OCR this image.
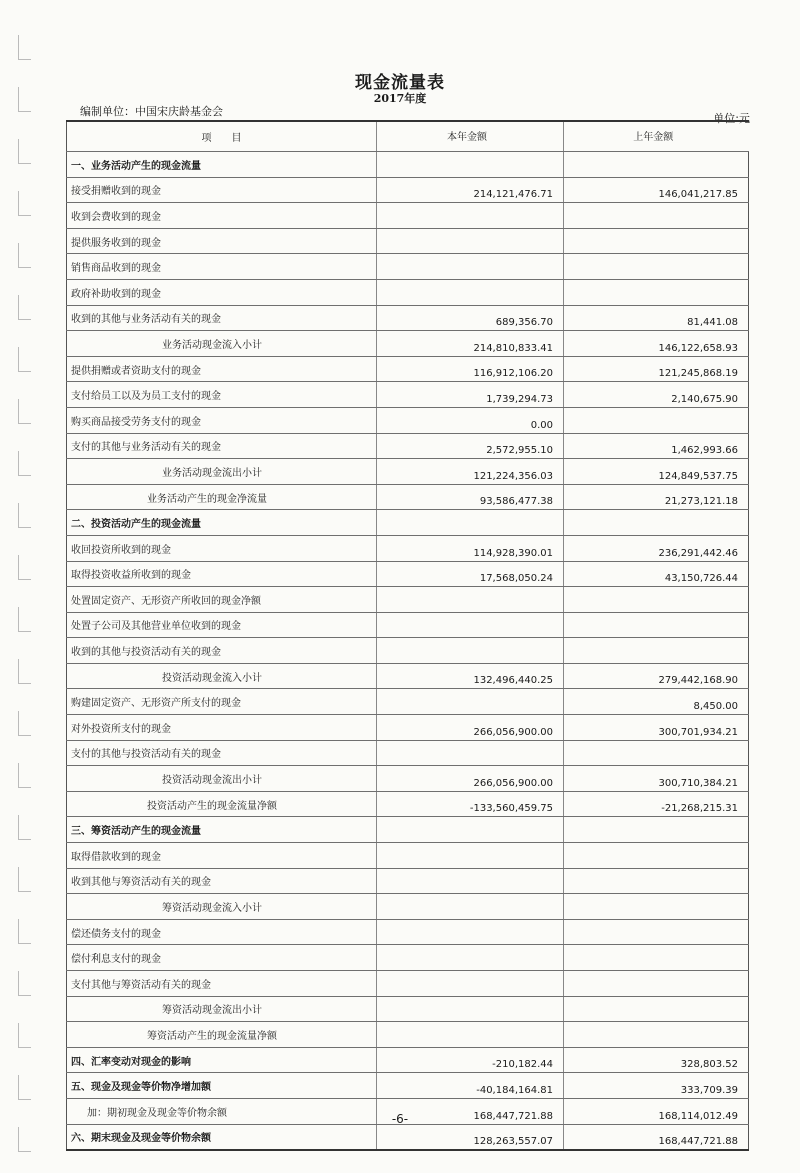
现金流量表
2017年度
编制单位：中国宋庆龄基金会
单位:元
项　　目	本年金额	上年金额
一、业务活动产生的现金流量		
接受捐赠收到的现金	214,121,476.71	146,041,217.85
收到会费收到的现金		
提供服务收到的现金		
销售商品收到的现金		
政府补助收到的现金		
收到的其他与业务活动有关的现金	689,356.70	81,441.08
业务活动现金流入小计	214,810,833.41	146,122,658.93
提供捐赠或者资助支付的现金	116,912,106.20	121,245,868.19
支付给员工以及为员工支付的现金	1,739,294.73	2,140,675.90
购买商品接受劳务支付的现金	0.00	
支付的其他与业务活动有关的现金	2,572,955.10	1,462,993.66
业务活动现金流出小计	121,224,356.03	124,849,537.75
业务活动产生的现金净流量	93,586,477.38	21,273,121.18
二、投资活动产生的现金流量		
收回投资所收到的现金	114,928,390.01	236,291,442.46
取得投资收益所收到的现金	17,568,050.24	43,150,726.44
处置固定资产、无形资产所收回的现金净额		
处置子公司及其他营业单位收到的现金		
收到的其他与投资活动有关的现金		
投资活动现金流入小计	132,496,440.25	279,442,168.90
购建固定资产、无形资产所支付的现金		8,450.00
对外投资所支付的现金	266,056,900.00	300,701,934.21
支付的其他与投资活动有关的现金		
投资活动现金流出小计	266,056,900.00	300,710,384.21
投资活动产生的现金流量净额	-133,560,459.75	-21,268,215.31
三、筹资活动产生的现金流量		
取得借款收到的现金		
收到其他与筹资活动有关的现金		
筹资活动现金流入小计		
偿还债务支付的现金		
偿付利息支付的现金		
支付其他与筹资活动有关的现金		
筹资活动现金流出小计		
筹资活动产生的现金流量净额		
四、汇率变动对现金的影响	-210,182.44	328,803.52
五、现金及现金等价物净增加额	-40,184,164.81	333,709.39
加：期初现金及现金等价物余额	168,447,721.88	168,114,012.49
六、期末现金及现金等价物余额	128,263,557.07	168,447,721.88
-6-
